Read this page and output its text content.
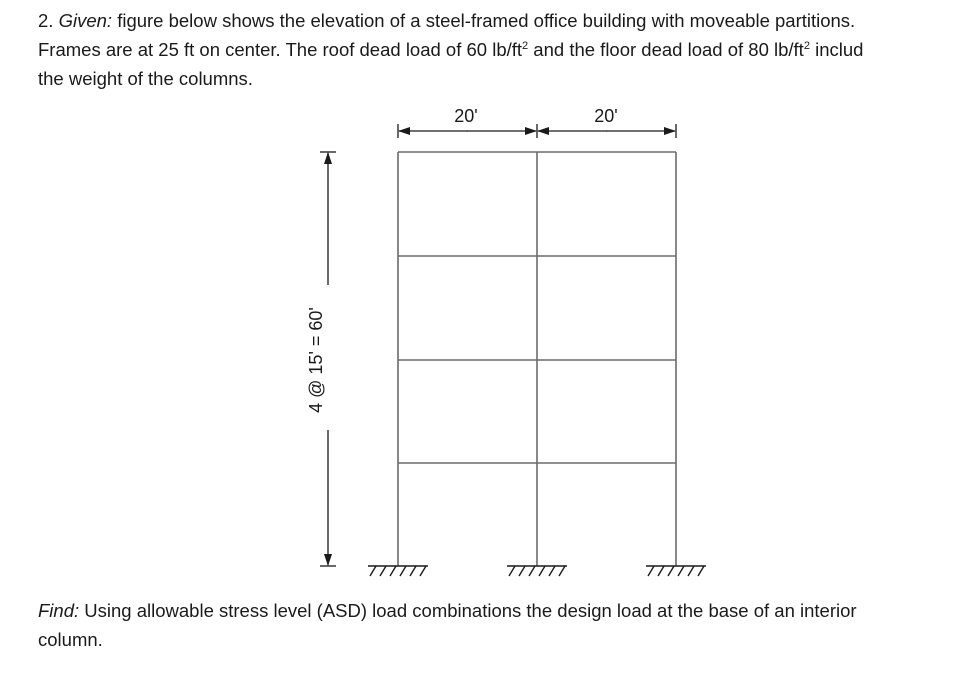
2. Given: figure below shows the elevation of a steel-framed office building with moveable partitions.
Frames are at 25 ft on center. The roof dead load of 60 $lb/ft^2$ and the floor dead load of 80 $lb/ft^2$ includ
the weight of the columns.
20'	20'
4 @ 15' = 60'
Find: Using allowable stress level (ASD) load combinations the design load at the base of an interior
column.
